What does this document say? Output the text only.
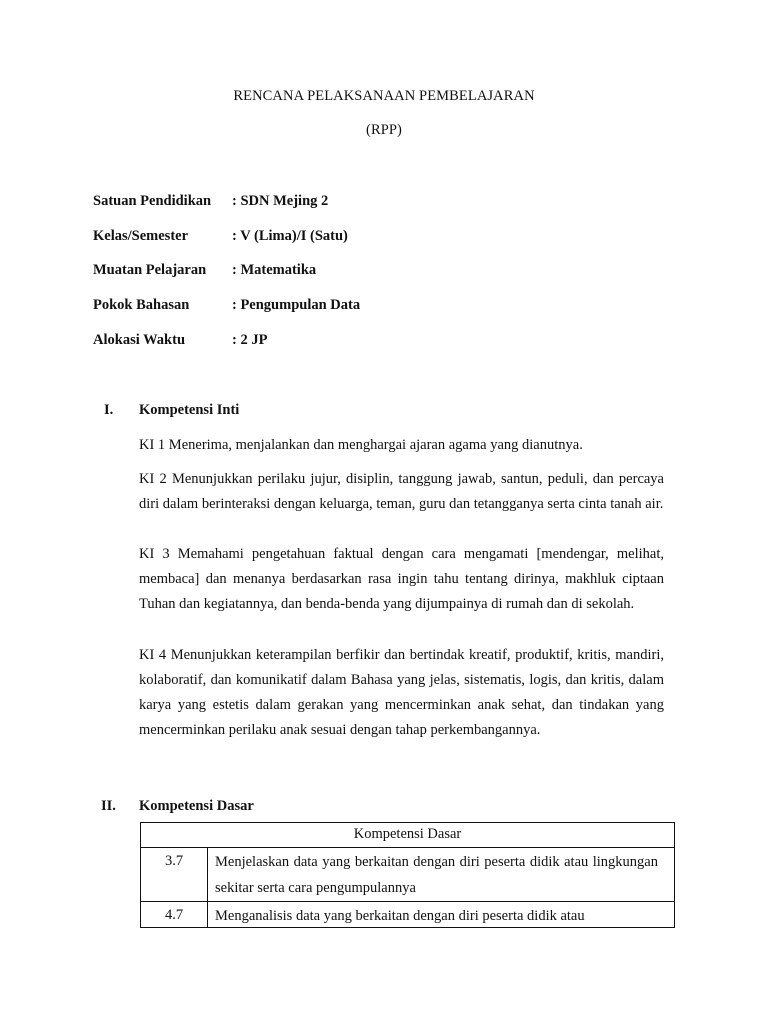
RENCANA PELAKSANAAN PEMBELAJARAN
(RPP)
Satuan Pendidikan	: SDN Mejing 2
Kelas/Semester	: V (Lima)/I (Satu)
Muatan Pelajaran	: Matematika
Pokok Bahasan	: Pengumpulan Data
Alokasi Waktu	: 2 JP
I. Kompetensi Inti

KI 1 Menerima, menjalankan dan menghargai ajaran agama yang dianutnya.

KI 2 Menunjukkan perilaku jujur, disiplin, tanggung jawab, santun, peduli, dan percaya diri dalam berinteraksi dengan keluarga, teman, guru dan tetangganya serta cinta tanah air.

KI 3 Memahami pengetahuan faktual dengan cara mengamati [mendengar, melihat, membaca] dan menanya berdasarkan rasa ingin tahu tentang dirinya, makhluk ciptaan Tuhan dan kegiatannya, dan benda-benda yang dijumpainya di rumah dan di sekolah.

KI 4 Menunjukkan keterampilan berfikir dan bertindak kreatif, produktif, kritis, mandiri, kolaboratif, dan komunikatif dalam Bahasa yang jelas, sistematis, logis, dan kritis, dalam karya yang estetis dalam gerakan yang mencerminkan anak sehat, dan tindakan yang mencerminkan perilaku anak sesuai dengan tahap perkembangannya.

II. Kompetensi Dasar
Kompetensi Dasar	
3.7	Menjelaskan data yang berkaitan dengan diri peserta didik atau lingkungan sekitar serta cara pengumpulannya
4.7	Menganalisis data yang berkaitan dengan diri peserta didik atau
